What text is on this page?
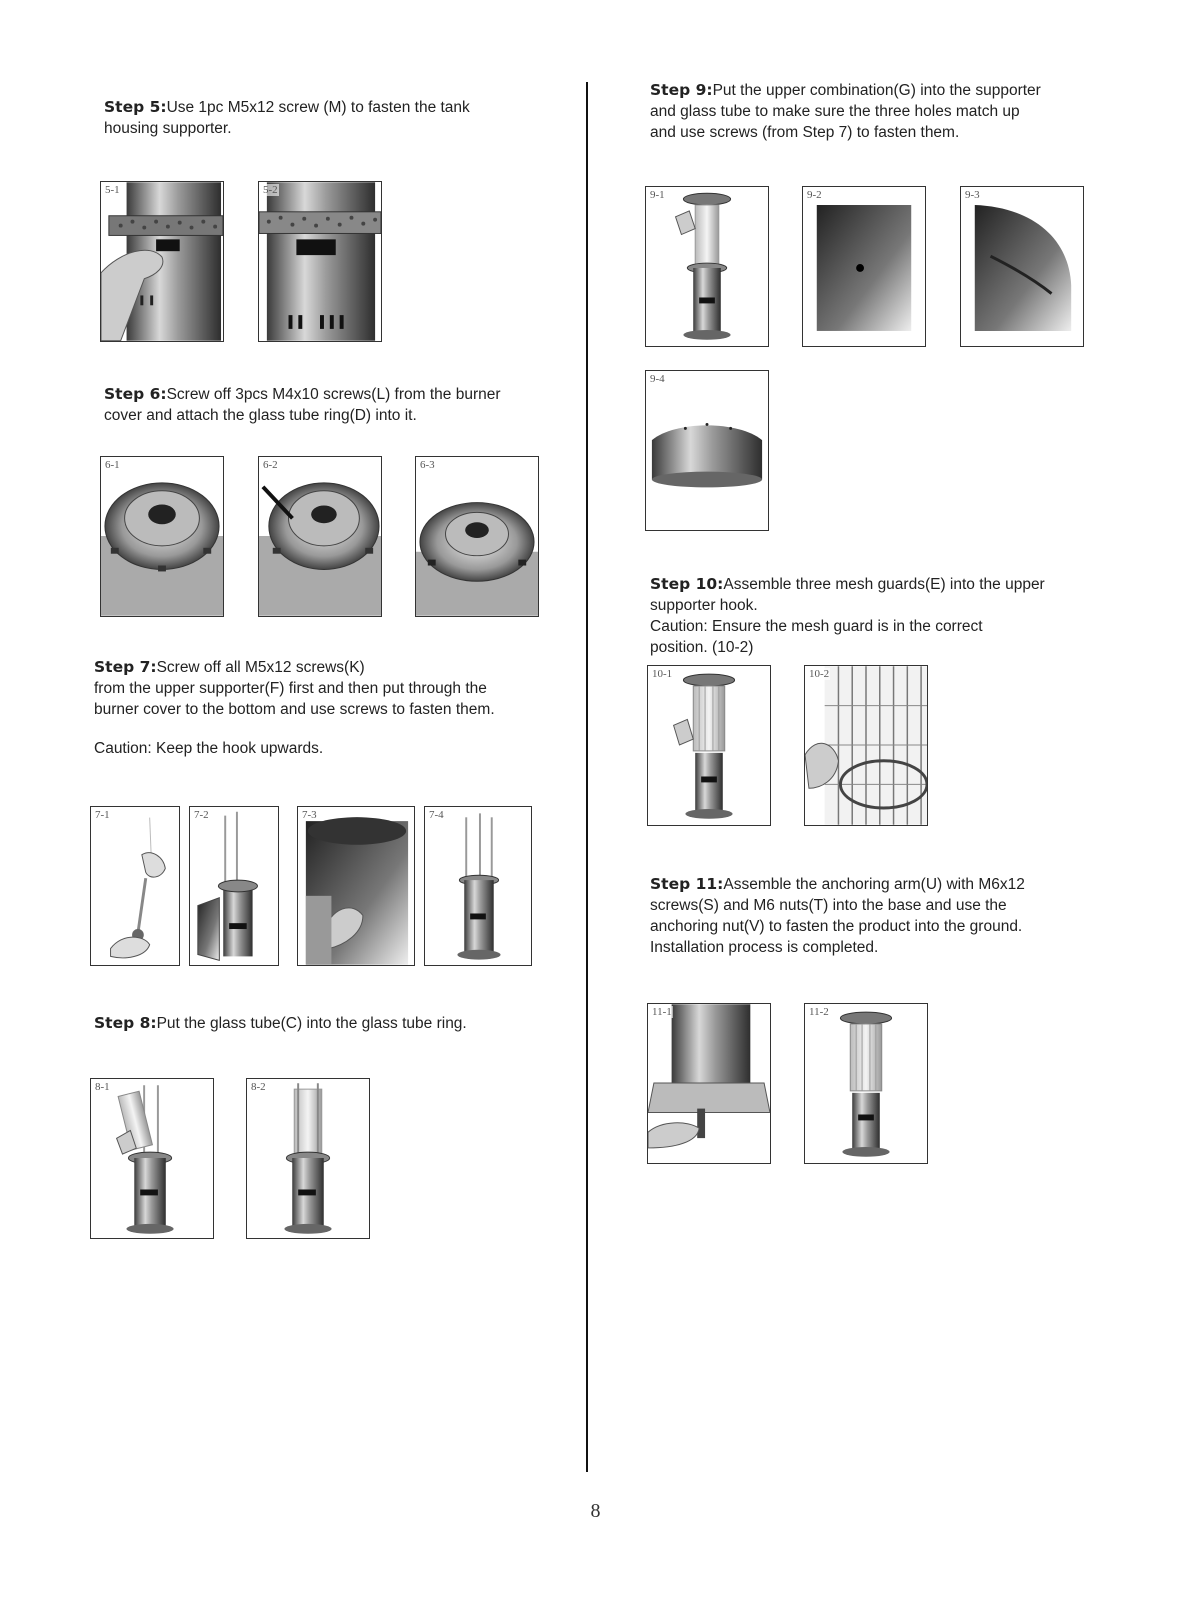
Step 5:Use 1pc M5x12 screw (M) to fasten the tank

housing supporter.

5-1	5-2

Step 6:Screw off 3pcs M4x10 screws(L) from the burner

cover and attach the glass tube ring(D) into it.

6-1	6-2	6-3

Step 7:Screw off all M5x12 screws(K)

from the upper supporter(F) first and then put through the

burner cover to the bottom and use screws to fasten them.

Caution: Keep the hook upwards.

7-1	7-2	7-3	7-4

Step 8:Put the glass tube(C) into the glass tube ring.

8-1	8-2

Step 9:Put the upper combination(G) into the supporter

and glass tube to make sure the three holes match up

and use screws (from Step 7) to fasten them.

9-1	9-2	9-3
9-4

Step 10:Assemble three mesh guards(E) into the upper

supporter hook.

Caution: Ensure the mesh guard is in the correct

position. (10-2)

10-1	10-2

Step 11:Assemble the anchoring arm(U) with M6x12

screws(S) and M6 nuts(T) into the base and use the

anchoring nut(V) to fasten the product into the ground.

Installation process is completed.

11-1	11-2
8
